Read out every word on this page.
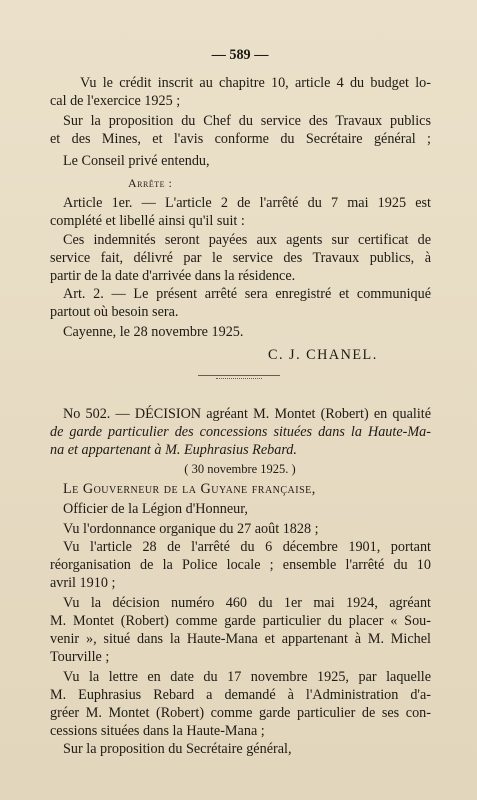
— 589 —

Vu le crédit inscrit au chapitre 10, article 4 du budget lo-

cal de l'exercice 1925 ;

Sur la proposition du Chef du service des Travaux publics

et des Mines, et l'avis conforme du Secrétaire général ;

Le Conseil privé entendu,

Arrête :

Article 1er. — L'article 2 de l'arrêté du 7 mai 1925 est

complété et libellé ainsi qu'il suit :

Ces indemnités seront payées aux agents sur certificat de

service fait, délivré par le service des Travaux publics, à

partir de la date d'arrivée dans la résidence.

Art. 2. — Le présent arrêté sera enregistré et communiqué

partout où besoin sera.

Cayenne, le 28 novembre 1925.

C. J. CHANEL.

No 502. — DÉCISION agréant M. Montet (Robert) en qualité

de garde particulier des concessions situées dans la Haute-Ma-

na et appartenant à M. Euphrasius Rebard.

( 30 novembre 1925. )

Le Gouverneur de la Guyane française,

Officier de la Légion d'Honneur,

Vu l'ordonnance organique du 27 août 1828 ;

Vu l'article 28 de l'arrêté du 6 décembre 1901, portant

réorganisation de la Police locale ; ensemble l'arrêté du 10

avril 1910 ;

Vu la décision numéro 460 du 1er mai 1924, agréant

M. Montet (Robert) comme garde particulier du placer « Sou-

venir », situé dans la Haute-Mana et appartenant à M. Michel

Tourville ;

Vu la lettre en date du 17 novembre 1925, par laquelle

M. Euphrasius Rebard a demandé à l'Administration d'a-

gréer M. Montet (Robert) comme garde particulier de ses con-

cessions situées dans la Haute-Mana ;

Sur la proposition du Secrétaire général,
